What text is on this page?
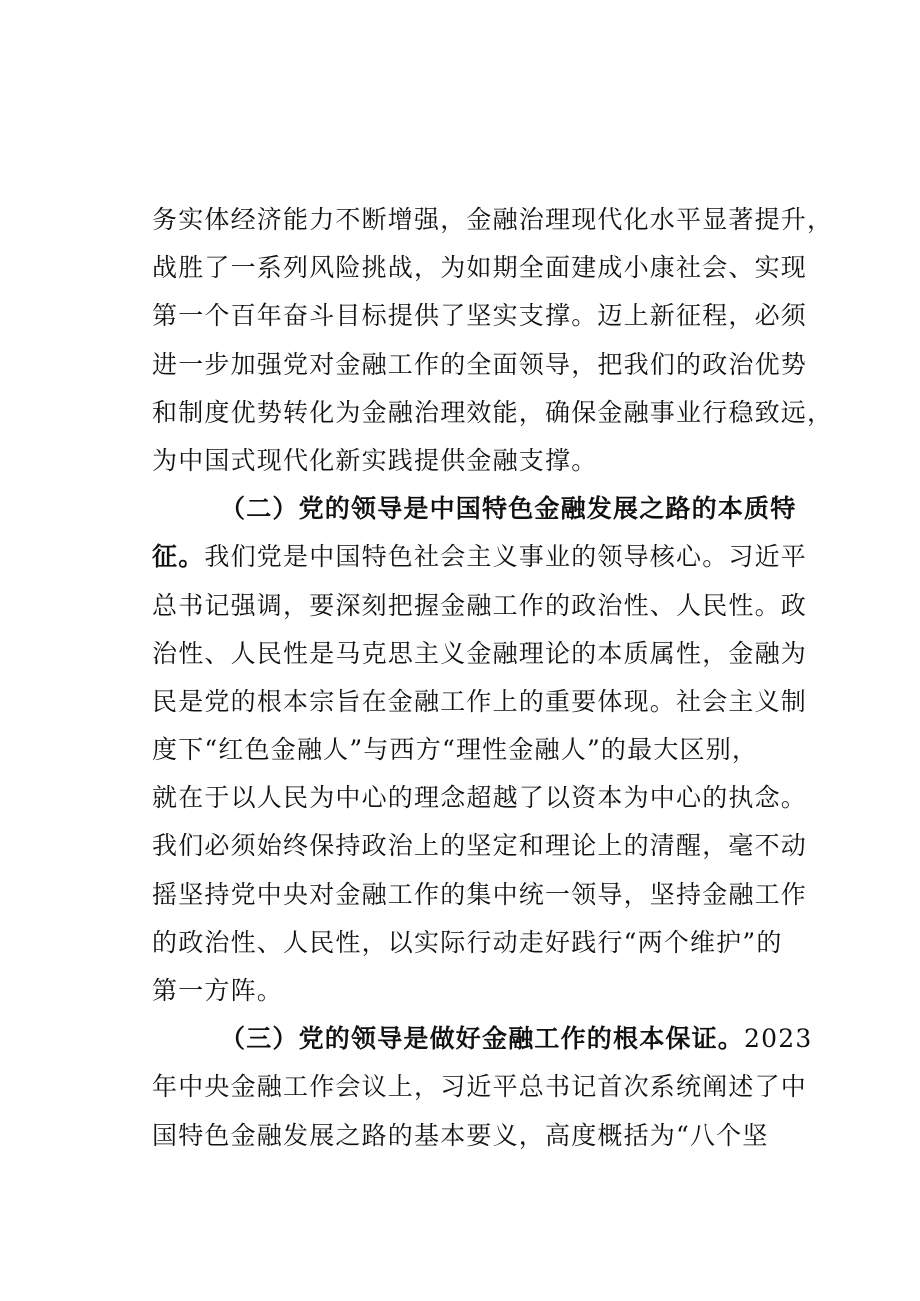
务实体经济能力不断增强，金融治理现代化水平显著提升，
战胜了一系列风险挑战，为如期全面建成小康社会、实现
第一个百年奋斗目标提供了坚实支撑。迈上新征程，必须
进一步加强党对金融工作的全面领导，把我们的政治优势
和制度优势转化为金融治理效能，确保金融事业行稳致远，
为中国式现代化新实践提供金融支撑。
（二）党的领导是中国特色金融发展之路的本质特
征。我们党是中国特色社会主义事业的领导核心。习近平
总书记强调，要深刻把握金融工作的政治性、人民性。政
治性、人民性是马克思主义金融理论的本质属性，金融为
民是党的根本宗旨在金融工作上的重要体现。社会主义制
度下“红色金融人”与西方“理性金融人”的最大区别，
就在于以人民为中心的理念超越了以资本为中心的执念。
我们必须始终保持政治上的坚定和理论上的清醒，毫不动
摇坚持党中央对金融工作的集中统一领导，坚持金融工作
的政治性、人民性，以实际行动走好践行“两个维护”的
第一方阵。
（三）党的领导是做好金融工作的根本保证。2023
年中央金融工作会议上，习近平总书记首次系统阐述了中
国特色金融发展之路的基本要义，高度概括为“八个坚
